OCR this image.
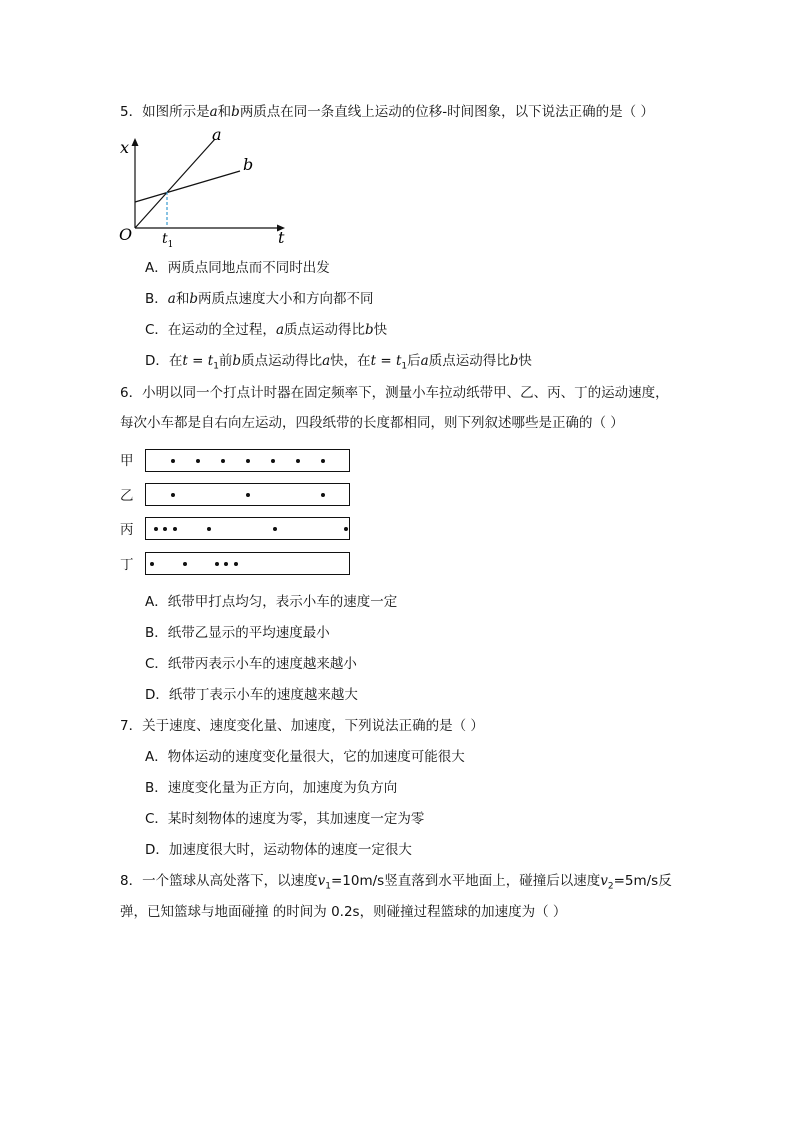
5．如图所示是a和b两质点在同一条直线上运动的位移-时间图象，以下说法正确的是（ ）
x
O	t
a
b
$t_1$
A．两质点同地点而不同时出发
B．a和b两质点速度大小和方向都不同
C．在运动的全过程，a质点运动得比b快
D．在$t = t_1$前b质点运动得比a快，在$t = t_1$后a质点运动得比b快
6．小明以同一个打点计时器在固定频率下，测量小车拉动纸带甲、乙、丙、丁的运动速度，
每次小车都是自右向左运动，四段纸带的长度都相同，则下列叙述哪些是正确的（ ）
甲
乙
丙
丁
A．纸带甲打点均匀，表示小车的速度一定
B．纸带乙显示的平均速度最小
C．纸带丙表示小车的速度越来越小
D．纸带丁表示小车的速度越来越大
7．关于速度、速度变化量、加速度，下列说法正确的是（ ）
A．物体运动的速度变化量很大，它的加速度可能很大
B．速度变化量为正方向，加速度为负方向
C．某时刻物体的速度为零，其加速度一定为零
D．加速度很大时，运动物体的速度一定很大
8．一个篮球从高处落下，以速度$v_1=10m/s$竖直落到水平地面上，碰撞后以速度$v_2=5m/s$反
弹，已知篮球与地面碰撞 的时间为 0.2s，则碰撞过程篮球的加速度为（ ）
